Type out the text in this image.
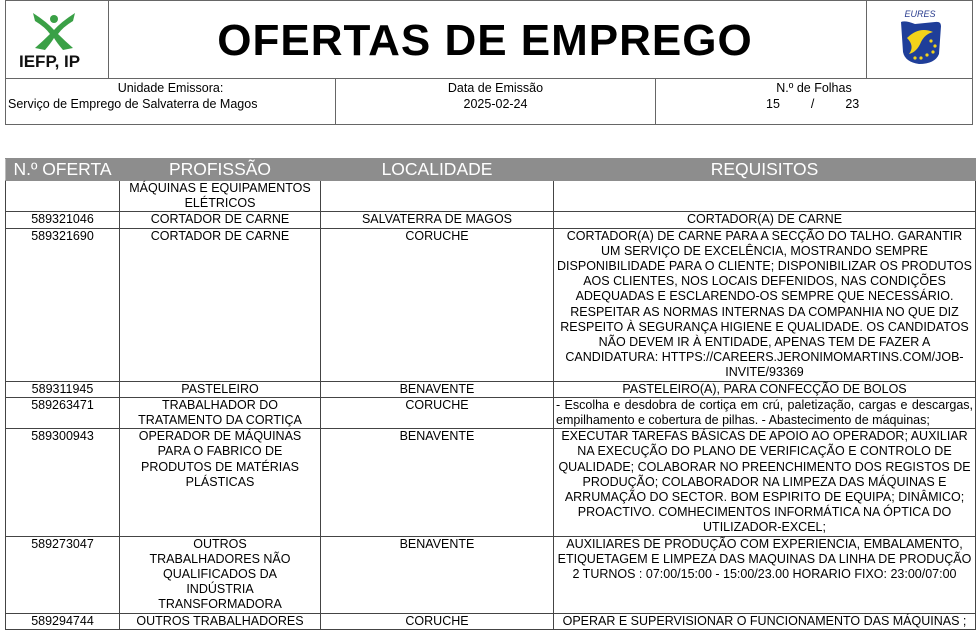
IEFP, IP	OFERTAS DE EMPREGO
EURES
Unidade Emissora:
Serviço de Emprego de Salvaterra de Magos
Data de Emissão
2025-02-24
N.º de Folhas
15 / 23
N.º OFERTA	PROFISSÃO	LOCALIDADE	REQUISITOS
	MÁQUINAS E EQUIPAMENTOS ELÉTRICOS		
589321046	CORTADOR DE CARNE	SALVATERRA DE MAGOS	CORTADOR(A) DE CARNE
589321690	CORTADOR DE CARNE	CORUCHE	CORTADOR(A) DE CARNE PARA A SECÇÃO DO TALHO. GARANTIR UM SERVIÇO DE EXCELÊNCIA, MOSTRANDO SEMPRE DISPONIBILIDADE PARA O CLIENTE; DISPONIBILIZAR OS PRODUTOS AOS CLIENTES, NOS LOCAIS DEFENIDOS, NAS CONDIÇÕES ADEQUADAS E ESCLARENDO-OS SEMPRE QUE NECESSÁRIO. RESPEITAR AS NORMAS INTERNAS DA COMPANHIA NO QUE DIZ RESPEITO À SEGURANÇA HIGIENE E QUALIDADE. OS CANDIDATOS NÃO DEVEM IR À ENTIDADE, APENAS TEM DE FAZER A CANDIDATURA: HTTPS://CAREERS.JERONIMOMARTINS.COM/JOB-INVITE/93369
589311945	PASTELEIRO	BENAVENTE	PASTELEIRO(A), PARA CONFECÇÃO DE BOLOS
589263471	TRABALHADOR DO TRATAMENTO DA CORTIÇA	CORUCHE	- Escolha e desdobra de cortiça em crú, paletização, cargas e descargas, empilhamento e cobertura de pilhas. - Abastecimento de máquinas;
589300943	OPERADOR DE MÁQUINAS PARA O FABRICO DE PRODUTOS DE MATÉRIAS PLÁSTICAS	BENAVENTE	EXECUTAR TAREFAS BÁSICAS DE APOIO AO OPERADOR; AUXILIAR NA EXECUÇÃO DO PLANO DE VERIFICAÇÃO E CONTROLO DE QUALIDADE; COLABORAR NO PREENCHIMENTO DOS REGISTOS DE PRODUÇÃO; COLABORADOR NA LIMPEZA DAS MÁQUINAS E ARRUMAÇÃO DO SECTOR. BOM ESPIRITO DE EQUIPA; DINÂMICO; PROACTIVO. COMHECIMENTOS INFORMÁTICA NA ÓPTICA DO UTILIZADOR-EXCEL;
589273047	OUTROS TRABALHADORES NÃO QUALIFICADOS DA INDÚSTRIA TRANSFORMADORA	BENAVENTE	AUXILIARES DE PRODUÇÃO COM EXPERIENCIA, EMBALAMENTO, ETIQUETAGEM E LIMPEZA DAS MAQUINAS DA LINHA DE PRODUÇÃO 2 TURNOS : 07:00/15:00 - 15:00/23.00 HORARIO FIXO: 23:00/07:00
589294744	OUTROS TRABALHADORES	CORUCHE	OPERAR E SUPERVISIONAR O FUNCIONAMENTO DAS MÁQUINAS ;
